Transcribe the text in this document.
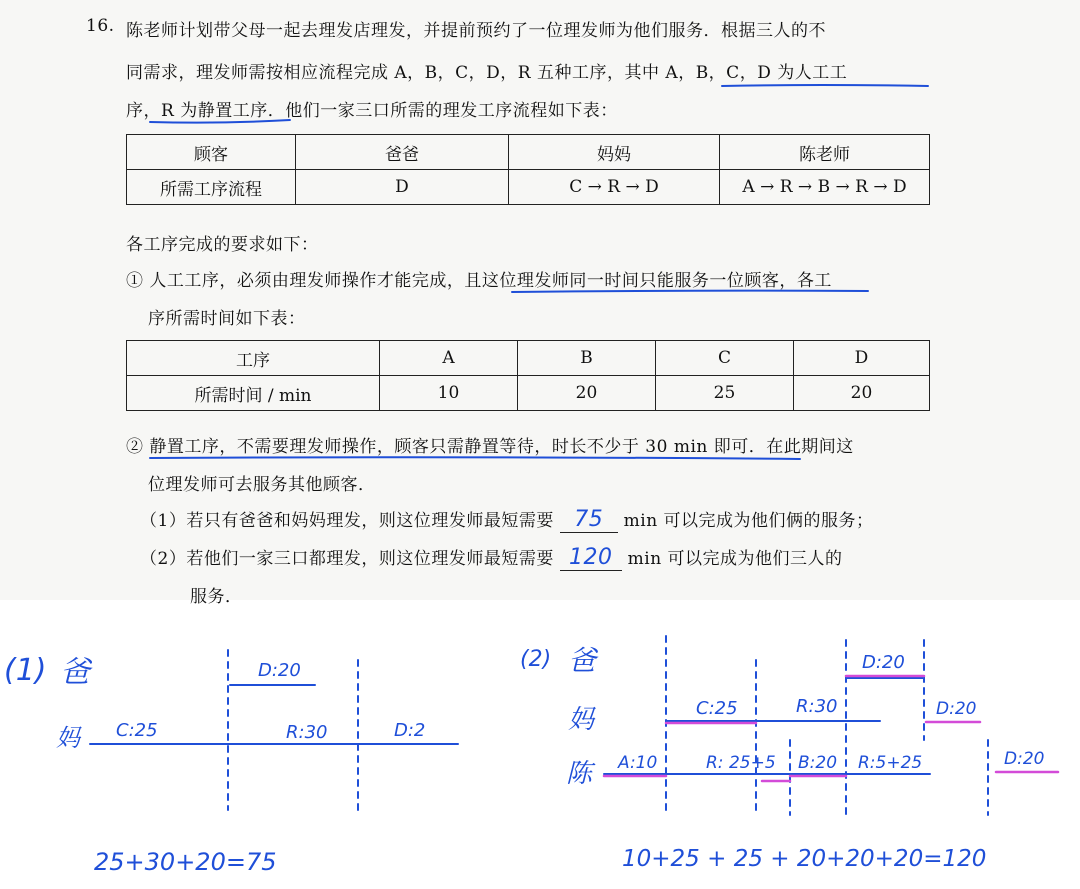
16. 陈老师计划带父母一起去理发店理发，并提前预约了一位理发师为他们服务．根据三人的不
同需求，理发师需按相应流程完成 A，B，C，D，R 五种工序，其中 A，B，C，D 为人工工
序，R 为静置工序．他们一家三口所需的理发工序流程如下表：
顾客	爸爸	妈妈	陈老师
所需工序流程	D	C → R → D	A → R → B → R → D
各工序完成的要求如下：
① 人工工序，必须由理发师操作才能完成，且这位理发师同一时间只能服务一位顾客，各工
序所需时间如下表：
工序	A	B	C	D
所需时间 / min	10	20	25	20
② 静置工序，不需要理发师操作，顾客只需静置等待，时长不少于 30 min 即可．在此期间这
位理发师可去服务其他顾客．
（1）若只有爸爸和妈妈理发，则这位理发师最短需要 75 min 可以完成为他们俩的服务；
（2）若他们一家三口都理发，则这位理发师最短需要 120 min 可以完成为他们三人的
服务．
(1) 爸
妈
D:20
C:25	R:30	D:2
25+30+20=75
(2) 爸
妈
陈
D:20
C:25	R:30	D:20
A:10	R: 25+5 B:20 R:5+25	D:20
10+25 + 25 + 20+20+20=120
